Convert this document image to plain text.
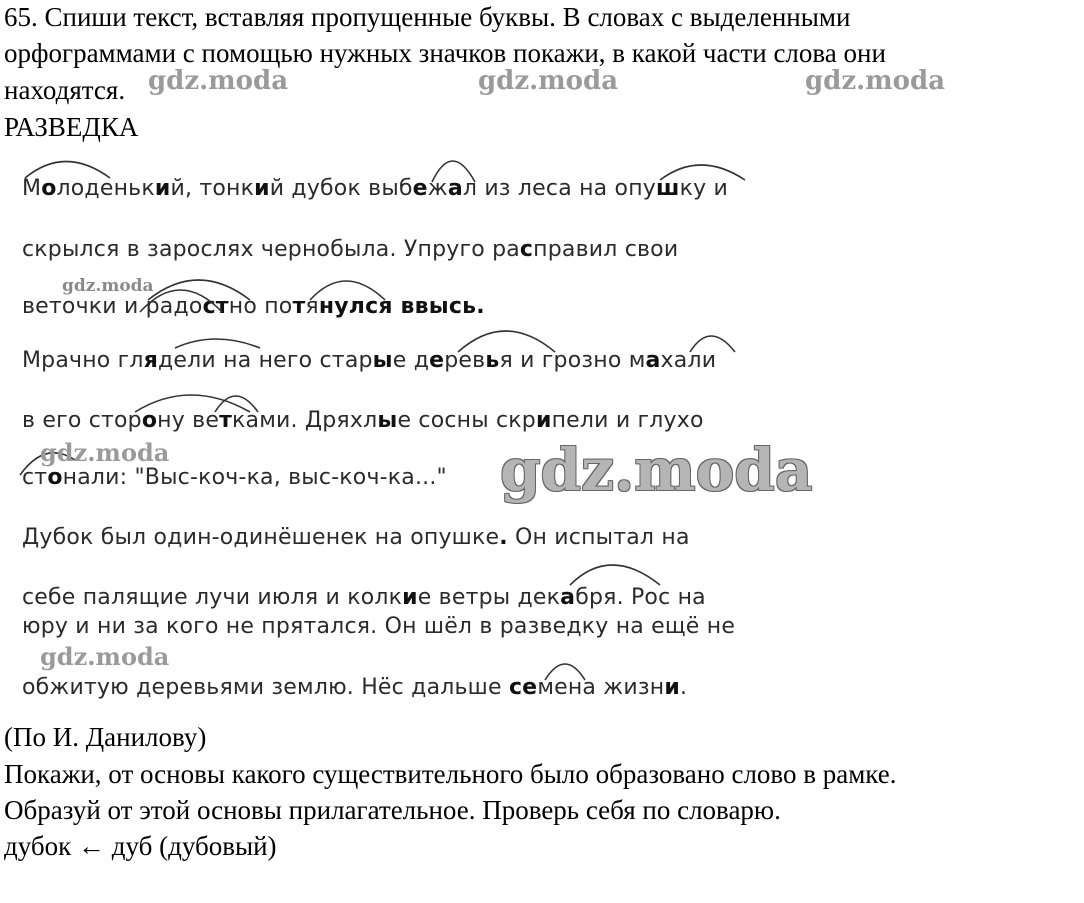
65. Спиши текст, вставляя пропущенные буквы. В словах с выделенными
орфограммами с помощью нужных значков покажи, в какой части слова они
находятся.
РАЗВЕДКА
Молоденький, тонкий дубок выбежал из леса на опушку и
скрылся в зарослях чернобыла. Упруго расправил свои
веточки и радостно потянулся ввысь.
Мрачно глядели на него старые деревья и грозно махали
в его сторону ветками. Дряхлые сосны скрипели и глухо
стонали: "Выс-коч-ка, выс-коч-ка..."
Дубок был один-одинёшенек на опушке. Он испытал на
себе палящие лучи июля и колкие ветры декабря. Рос на
юру и ни за кого не прятался. Он шёл в разведку на ещё не
обжитую деревьями землю. Нёс дальше семена жизни.
gdz.moda	gdz.moda	gdz.moda
gdz.moda
gdz.moda	gdz.moda
gdz.moda
(По И. Данилову)
Покажи, от основы какого существительного было образовано слово в рамке.
Образуй от этой основы прилагательное. Проверь себя по словарю.
дубок ← дуб (дубовый)
